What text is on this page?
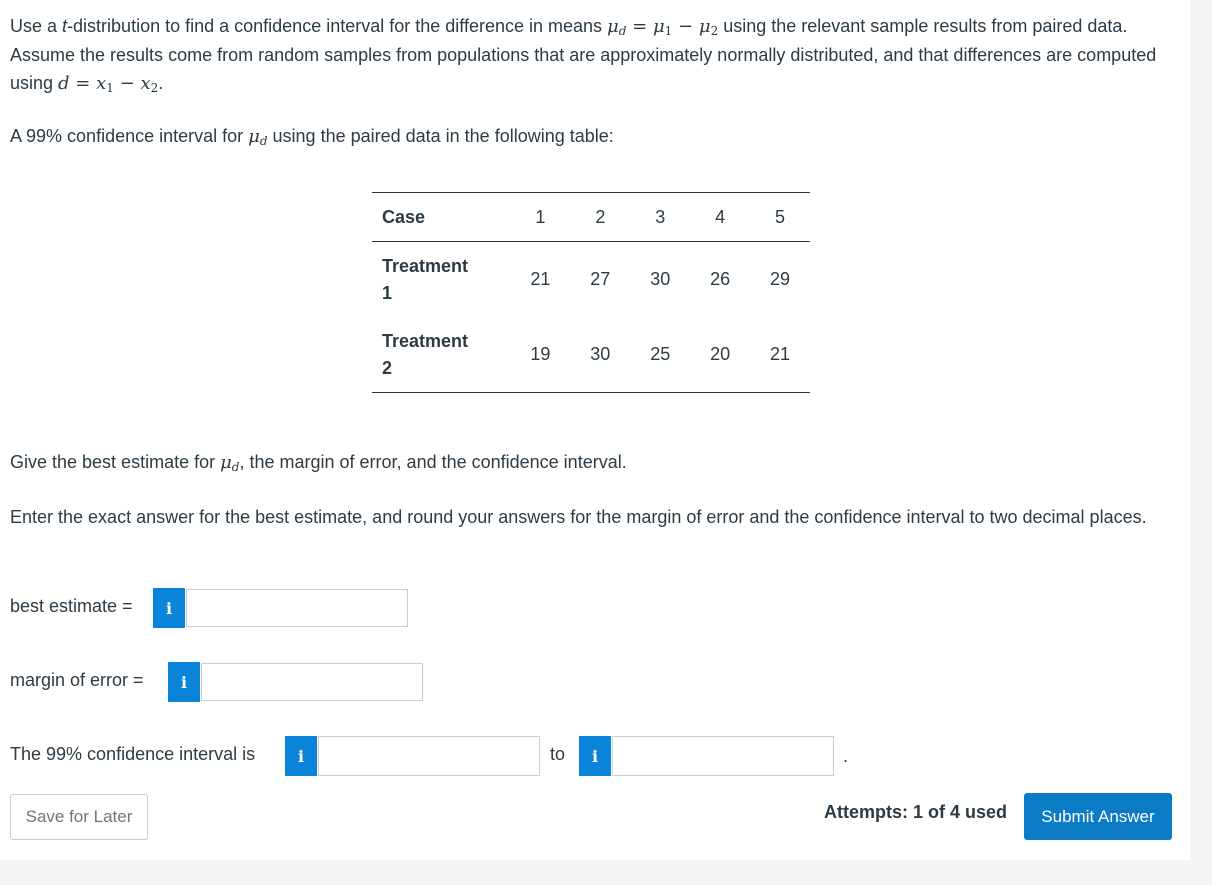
Use a t-distribution to find a confidence interval for the difference in means $\mu_d = \mu_1 - \mu_2$ using the relevant sample results from paired data. Assume the results come from random samples from populations that are approximately normally distributed, and that differences are computed using $d = x_1 - x_2$.

A 99% confidence interval for $\mu_d$ using the paired data in the following table:

Case	1	2	3	4	5

Treatment
1	21	27	30	26	29

Treatment
2	19	30	25	20	21

Give the best estimate for $\mu_d$, the margin of error, and the confidence interval.

Enter the exact answer for the best estimate, and round your answers for the margin of error and the confidence interval to two decimal places.

best estimate =	i
margin of error =	i
The 99% confidence interval is	i	to	i	.
Save for Later	Attempts: 1 of 4 used	Submit Answer
